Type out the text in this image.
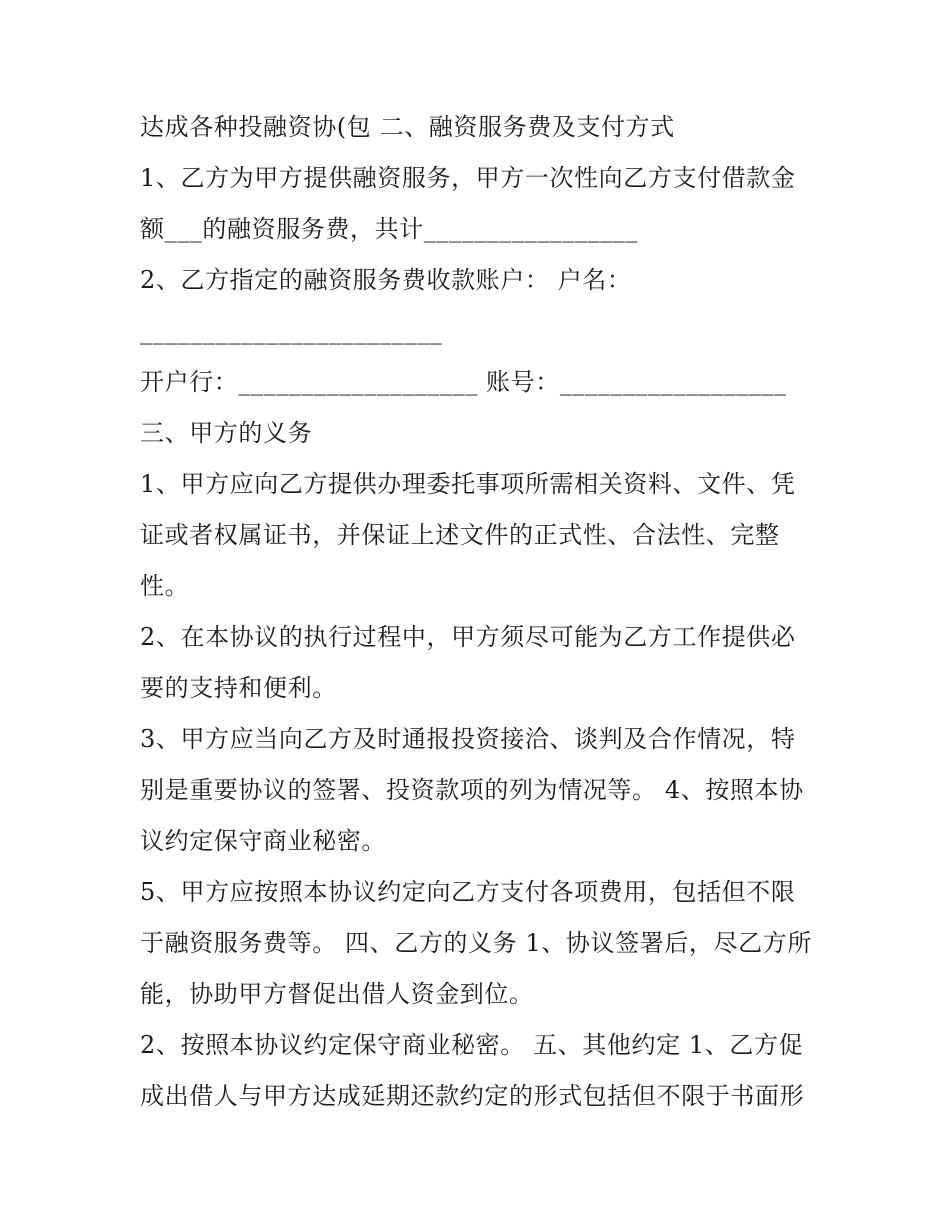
达成各种投融资协(包 二、融资服务费及支付方式
1、乙方为甲方提供融资服务，甲方一次性向乙方支付借款金
额___的融资服务费，共计_________________
2、乙方指定的融资服务费收款账户： 户名：
________________________
开户行：___________________ 账号：__________________
三、甲方的义务
1、甲方应向乙方提供办理委托事项所需相关资料、文件、凭
证或者权属证书，并保证上述文件的正式性、合法性、完整
性。
2、在本协议的执行过程中，甲方须尽可能为乙方工作提供必
要的支持和便利。
3、甲方应当向乙方及时通报投资接洽、谈判及合作情况，特
别是重要协议的签署、投资款项的列为情况等。 4、按照本协
议约定保守商业秘密。
5、甲方应按照本协议约定向乙方支付各项费用，包括但不限
于融资服务费等。 四、乙方的义务 1、协议签署后，尽乙方所
能，协助甲方督促出借人资金到位。
2、按照本协议约定保守商业秘密。 五、其他约定 1、乙方促
成出借人与甲方达成延期还款约定的形式包括但不限于书面形
